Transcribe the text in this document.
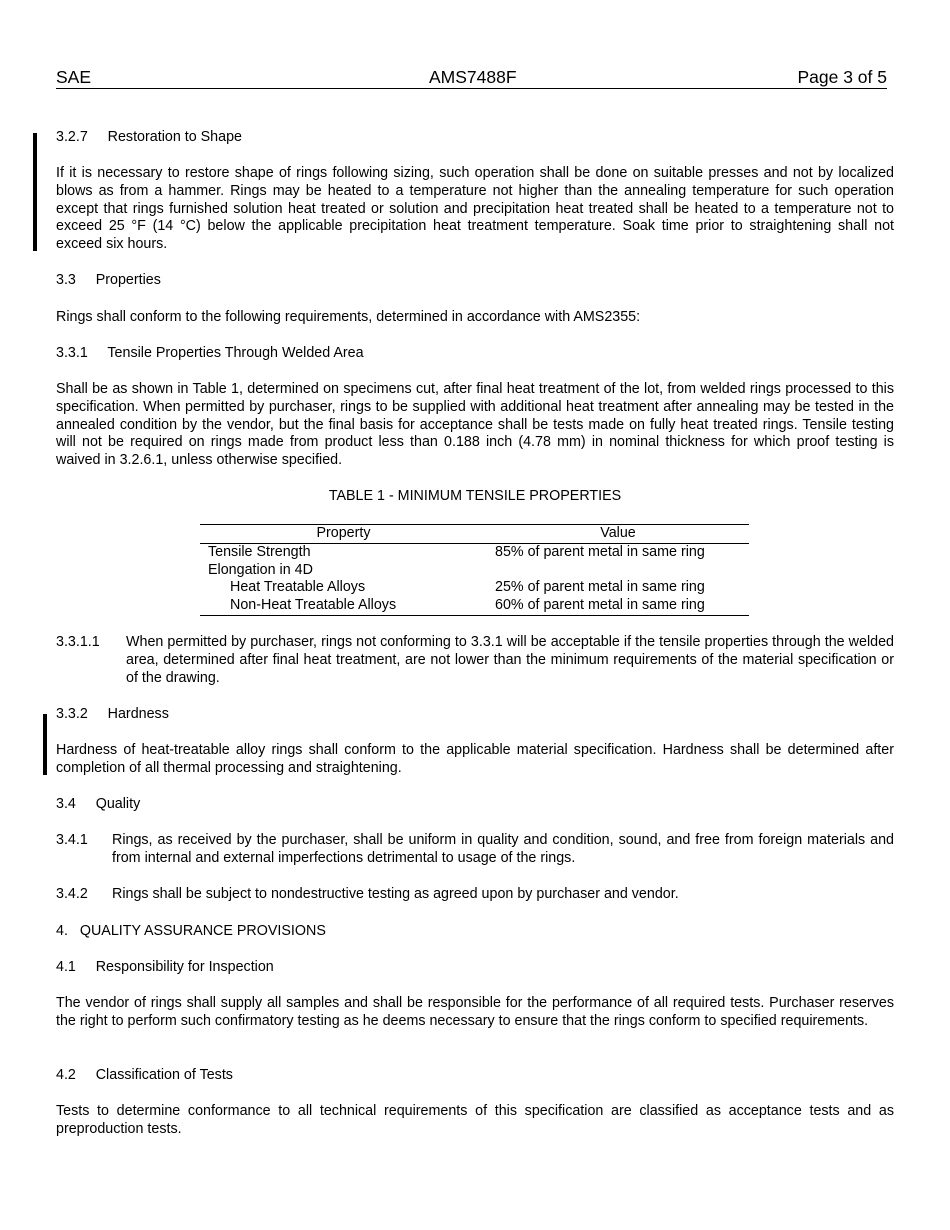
SAE	AMS7488F	Page 3 of 5
3.2.7     Restoration to Shape
If it is necessary to restore shape of rings following sizing, such operation shall be done on suitable presses and not by localized blows as from a hammer. Rings may be heated to a temperature not higher than the annealing temperature for such operation except that rings furnished solution heat treated or solution and precipitation heat treated shall be heated to a temperature not to exceed 25 °F (14 °C) below the applicable precipitation heat treatment temperature. Soak time prior to straightening shall not exceed six hours.
3.3     Properties
Rings shall conform to the following requirements, determined in accordance with AMS2355:
3.3.1     Tensile Properties Through Welded Area
Shall be as shown in Table 1, determined on specimens cut, after final heat treatment of the lot, from welded rings processed to this specification. When permitted by purchaser, rings to be supplied with additional heat treatment after annealing may be tested in the annealed condition by the vendor, but the final basis for acceptance shall be tests made on fully heat treated rings. Tensile testing will not be required on rings made from product less than 0.188 inch (4.78 mm) in nominal thickness for which proof testing is waived in 3.2.6.1, unless otherwise specified.
TABLE 1 - MINIMUM TENSILE PROPERTIES
Property	Value
Tensile Strength	85% of parent metal in same ring
Elongation in 4D	
Heat Treatable Alloys	25% of parent metal in same ring
Non-Heat Treatable Alloys	60% of parent metal in same ring
3.3.1.1 When permitted by purchaser, rings not conforming to 3.3.1 will be acceptable if the tensile properties through the welded area, determined after final heat treatment, are not lower than the minimum requirements of the material specification or of the drawing.
3.3.2     Hardness
Hardness of heat-treatable alloy rings shall conform to the applicable material specification. Hardness shall be determined after completion of all thermal processing and straightening.
3.4     Quality
3.4.1 Rings, as received by the purchaser, shall be uniform in quality and condition, sound, and free from foreign materials and from internal and external imperfections detrimental to usage of the rings.
3.4.2 Rings shall be subject to nondestructive testing as agreed upon by purchaser and vendor.
4.   QUALITY ASSURANCE PROVISIONS
4.1     Responsibility for Inspection
The vendor of rings shall supply all samples and shall be responsible for the performance of all required tests. Purchaser reserves the right to perform such confirmatory testing as he deems necessary to ensure that the rings conform to specified requirements.
4.2     Classification of Tests
Tests to determine conformance to all technical requirements of this specification are classified as acceptance tests and as preproduction tests.
